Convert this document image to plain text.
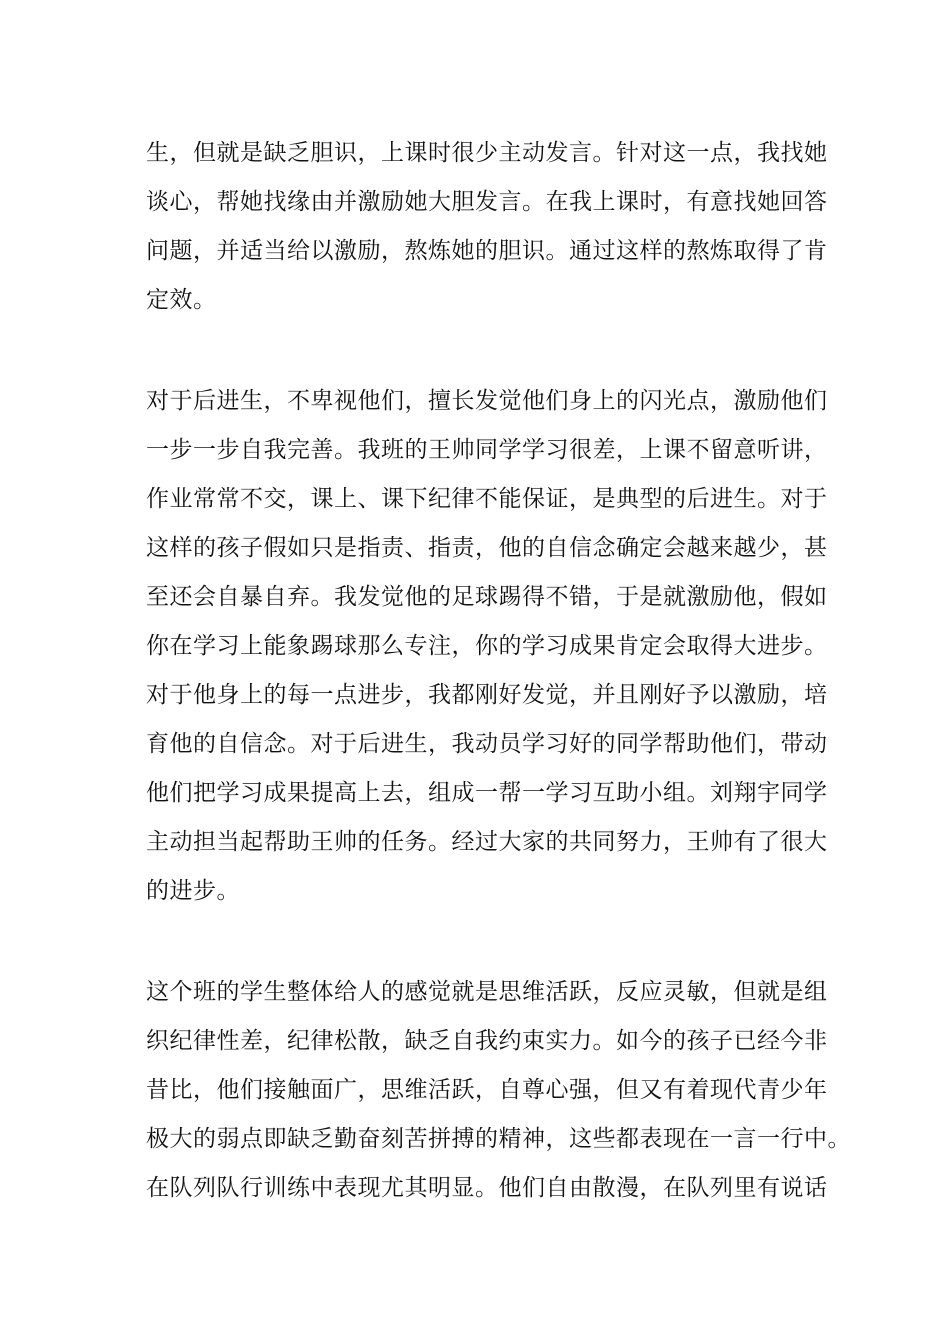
生，但就是缺乏胆识，上课时很少主动发言。针对这一点，我找她
谈心，帮她找缘由并激励她大胆发言。在我上课时，有意找她回答
问题，并适当给以激励，熬炼她的胆识。通过这样的熬炼取得了肯
定效。
对于后进生，不卑视他们，擅长发觉他们身上的闪光点，激励他们
一步一步自我完善。我班的王帅同学学习很差，上课不留意听讲，
作业常常不交，课上、课下纪律不能保证，是典型的后进生。对于
这样的孩子假如只是指责、指责，他的自信念确定会越来越少，甚
至还会自暴自弃。我发觉他的足球踢得不错，于是就激励他，假如
你在学习上能象踢球那么专注，你的学习成果肯定会取得大进步。
对于他身上的每一点进步，我都刚好发觉，并且刚好予以激励，培
育他的自信念。对于后进生，我动员学习好的同学帮助他们，带动
他们把学习成果提高上去，组成一帮一学习互助小组。刘翔宇同学
主动担当起帮助王帅的任务。经过大家的共同努力，王帅有了很大
的进步。
这个班的学生整体给人的感觉就是思维活跃，反应灵敏，但就是组
织纪律性差，纪律松散，缺乏自我约束实力。如今的孩子已经今非
昔比，他们接触面广，思维活跃，自尊心强，但又有着现代青少年
极大的弱点即缺乏勤奋刻苦拼搏的精神，这些都表现在一言一行中。
在队列队行训练中表现尤其明显。他们自由散漫，在队列里有说话
